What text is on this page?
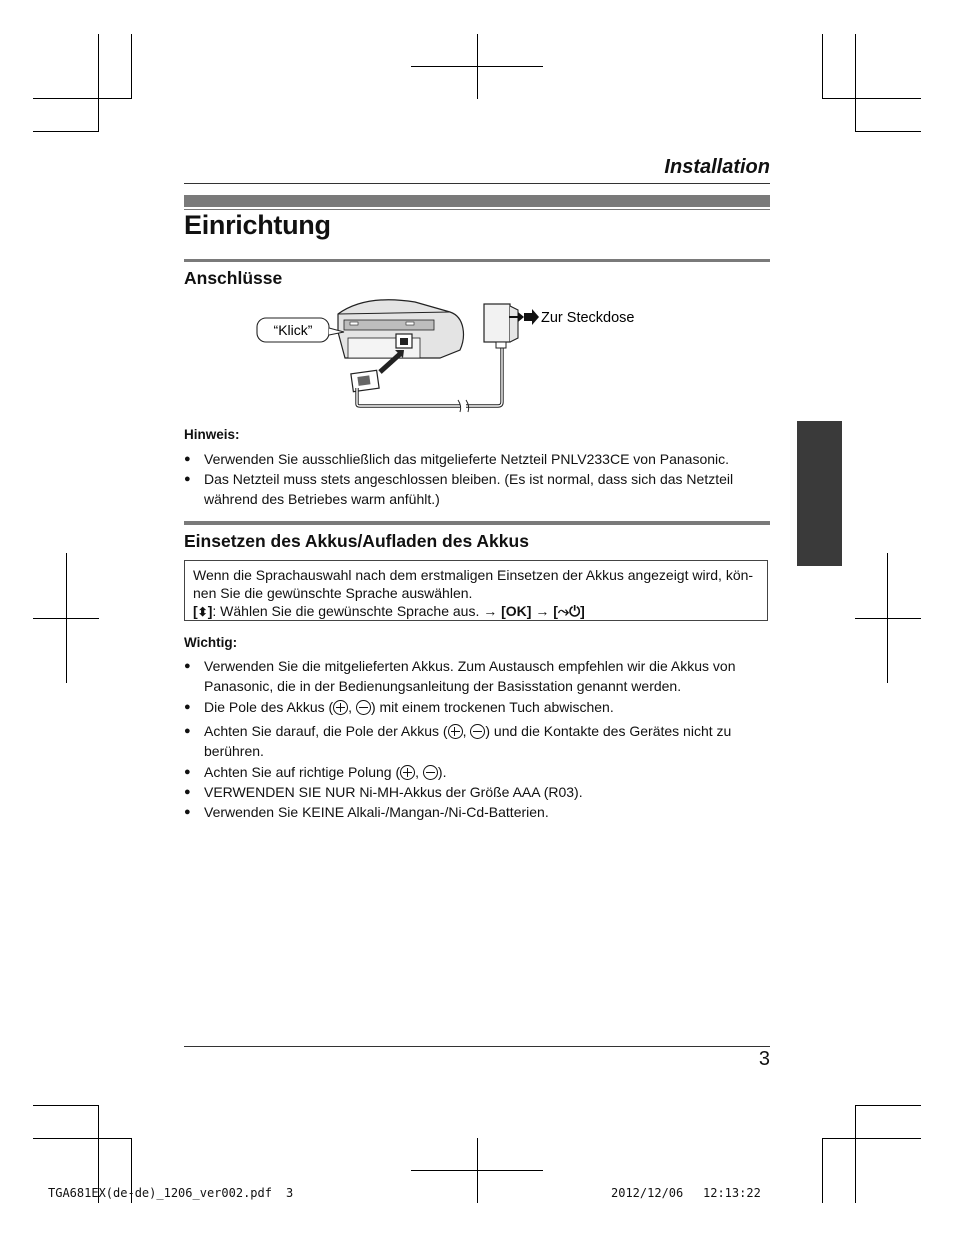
Installation
Einrichtung
Anschlüsse
“Klick”
Zur Steckdose
Hinweis:
● Verwenden Sie ausschließlich das mitgelieferte Netzteil PNLV233CE von Panasonic.
● Das Netzteil muss stets angeschlossen bleiben. (Es ist normal, dass sich das Netzteil während des Betriebes warm anfühlt.)
Einsetzen des Akkus/Aufladen des Akkus
Wenn die Sprachauswahl nach dem erstmaligen Einsetzen der Akkus angezeigt wird, kön-nen Sie die gewünschte Sprache auswählen.
[⬍]: Wählen Sie die gewünschte Sprache aus. → [OK] → [⤳⏻]
Wichtig:
● Verwenden Sie die mitgelieferten Akkus. Zum Austausch empfehlen wir die Akkus von Panasonic, die in der Bedienungsanleitung der Basisstation genannt werden.
● Die Pole des Akkus ( , ) mit einem trockenen Tuch abwischen.
● Achten Sie darauf, die Pole der Akkus ( , ) und die Kontakte des Gerätes nicht zu berühren.
● Achten Sie auf richtige Polung ( , ).
● VERWENDEN SIE NUR Ni-MH-Akkus der Größe AAA (R03).
● Verwenden Sie KEINE Alkali-/Mangan-/Ni-Cd-Batterien.
3
TGA681EX(de-de)_1206_ver002.pdf 3	2012/12/06 12:13:22
